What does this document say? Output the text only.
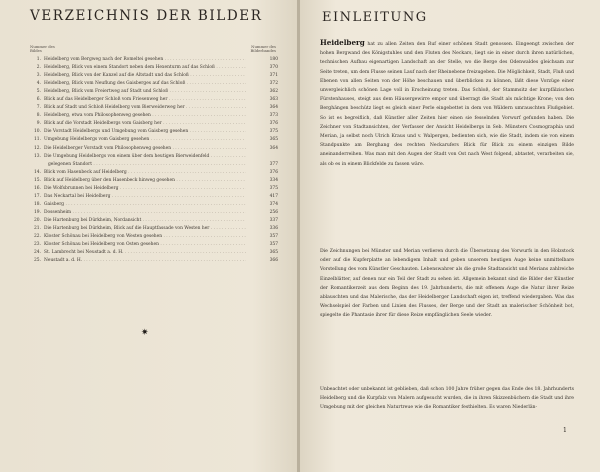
VERZEICHNIS DER BILDER
Nummer des Bildes
Nummer des Bilderbandes
1. Heidelberg vom Bergweg nach der Romeltei gesehen . . .	180
2. Heidelberg, Blick von einem Standort neben dem Hexenturm auf das Schloß . . .	370
3. Heidelberg, Blick von der Kanzel auf die Altstadt und das Schloß . . .	371
4. Heidelberg, Blick vom Neuflung des Gaisberges auf das Schloß . . .	372
5. Heidelberg, Blick vom Freiertweg auf Stadt und Schloß . . .	362
6. Blick auf das Heidelberger Schloß vom Friesenweg her . . .	363
7. Blick auf Stadt und Schloß Heidelberg vom Bierweiderweg her . . .	364
8. Heidelberg, etwa vom Philosophenweg gesehen . . .	373
9. Blick auf die Vorstadt Heidelbergs vom Gaisberg her . . .	376
10. Die Vorstadt Heidelbergs und Umgebung vom Gaisberg gesehen . . .	375
11. Umgebung Heidelbergs vom Gaisberg gesehen . . .	365
12. Die Heidelberger Vorstadt vom Philosophenweg gesehen . . .	364
13. Die Umgebung Heidelbergs von einem über dem heutigen Bierweidenfeld . . .
gelegenen Standort . . .	377
14. Blick vom Hasenbeck auf Heidelberg . . .	376
15. Blick auf Heidelberg über den Hasenbeck hinweg gesehen . . .	334
16. Die Wolfsbrunnen bei Heidelberg . . .	375
17. Das Neckartal bei Heidelberg . . .	417
18. Gaisberg . . .	374
19. Dossenheim . . .	256
20. Die Hartenburg bei Dürkheim, Nordansicht . . .	337
21. Die Hartenburg bei Dürkheim, Blick auf die Hauptfassade von Westen her . . .	336
22. Kloster Schönau bei Heidelberg von Westen gesehen . . .	357
23. Kloster Schönau bei Heidelberg von Osten gesehen . . .	357
24. St. Lambrecht bei Neustadt a. d. H. . . .	365
25. Neustadt a. d. H. . . .	366
✷
EINLEITUNG
Heidelberg hat zu allen Zeiten den Ruf einer schönen Stadt genossen. Eingeengt zwischen der hohen Bergwand des Königstuhles und den Fluten des Neckars, liegt sie in einer durch ihren natürlichen, technischen Aufbau eigenartigen Landschaft an der Stelle, wo die Berge des Odenwaldes gleichsam zur Seite treten, um dem Flusse seinen Lauf nach der Rheinebene freizugeben. Die Möglichkeit, Stadt, Fluß und Ebenen von allen Seiten von der Höhe beschauen und überblicken zu können, läßt diese Vorzüge einer unvergleichlich schönen Lage voll in Erscheinung treten. Das Schloß, der Stammsitz der kurpfälzischen Fürstenhauses, steigt aus dem Häusergewirre empor und überragt die Stadt als mächtige Krone; von den Berghängen beschütz liegt es gleich einer Perle eingebettet in dem von Wäldern umrauschten Flußgebiet. So ist es begreiflich, daß Künstler aller Zeiten hier einen sie fesselnden Vorwurf gefunden haben. Die Zeichner von Stadtansichten, der Verfasser der Ansicht Heidelbergs in Seb. Münsters Cosmographia und Merian, ja selbst noch Ulrich Kraus und v. Walpergen, bedienten sich, wie die Stadt, indem sie von einem Standpunkte am Berghang des rechten Neckarufers Blick für Blick zu einem einzigen Bilde aneinanderreihen. Was man mit den Augen der Stadt von Ost nach West folgend, abtastet, verarbeiten sie, als ob es in einem Blickfelde zu fassen wäre.
Die Zeichnungen bei Münster und Merian verlieren durch die Übersetzung des Vorwurfs in den Holzstock oder auf die Kupferplatte an lebendigem Inhalt und geben unserem heutigen Auge keine unmittelbare Vorstellung des vom Künstler Geschauten. Lebenswahrer als die große Stadtansicht und Merians zahlreiche Einzelblätter, auf denen nur ein Teil der Stadt zu sehen ist. Allgemein bekannt sind die Bilder der Künstler der Romantikerzeit aus dem Beginn des 19. Jahrhunderts, die mit offenem Auge die Natur ihrer Reize ablauschten und das Malerische, das der Heidelberger Landschaft eigen ist, treffend wiedergaben. Was das Wechselspiel der Farben und Linien des Flusses, der Berge und der Stadt an malerischer Schönheit bot, spiegelte die Phantasie ihrer für diese Reize empfänglichen Seele wieder.
Unbeachtet oder unbekannt ist geblieben, daß schon 100 Jahre früher gegen das Ende des 18. Jahrhunderts Heidelberg und die Kurpfalz von Malern aufgesucht wurden, die in ihren Skizzenbüchern die Stadt und ihre Umgebung mit der gleichen Naturtreue wie die Romantiker festhielten. Es waren Niederlän-
1
